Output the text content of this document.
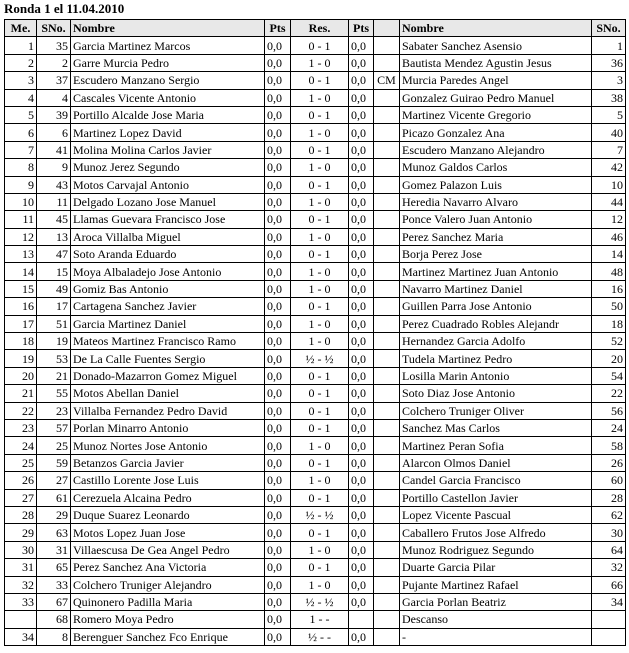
Ronda 1 el 11.04.2010
Me.	SNo.	Nombre	Pts	Res.	Pts		Nombre	SNo.
1	35	Garcia Martinez Marcos	0,0	0 - 1	0,0		Sabater Sanchez Asensio	1
2	2	Garre Murcia Pedro	0,0	1 - 0	0,0		Bautista Mendez Agustin Jesus	36
3	37	Escudero Manzano Sergio	0,0	0 - 1	0,0	CM	Murcia Paredes Angel	3
4	4	Cascales Vicente Antonio	0,0	1 - 0	0,0		Gonzalez Guirao Pedro Manuel	38
5	39	Portillo Alcalde Jose Maria	0,0	0 - 1	0,0		Martinez Vicente Gregorio	5
6	6	Martinez Lopez David	0,0	1 - 0	0,0		Picazo Gonzalez Ana	40
7	41	Molina Molina Carlos Javier	0,0	0 - 1	0,0		Escudero Manzano Alejandro	7
8	9	Munoz Jerez Segundo	0,0	1 - 0	0,0		Munoz Galdos Carlos	42
9	43	Motos Carvajal Antonio	0,0	0 - 1	0,0		Gomez Palazon Luis	10
10	11	Delgado Lozano Jose Manuel	0,0	1 - 0	0,0		Heredia Navarro Alvaro	44
11	45	Llamas Guevara Francisco Jose	0,0	0 - 1	0,0		Ponce Valero Juan Antonio	12
12	13	Aroca Villalba Miguel	0,0	1 - 0	0,0		Perez Sanchez Maria	46
13	47	Soto Aranda Eduardo	0,0	0 - 1	0,0		Borja Perez Jose	14
14	15	Moya Albaladejo Jose Antonio	0,0	1 - 0	0,0		Martinez Martinez Juan Antonio	48
15	49	Gomiz Bas Antonio	0,0	1 - 0	0,0		Navarro Martinez Daniel	16
16	17	Cartagena Sanchez Javier	0,0	0 - 1	0,0		Guillen Parra Jose Antonio	50
17	51	Garcia Martinez Daniel	0,0	1 - 0	0,0		Perez Cuadrado Robles Alejandr	18
18	19	Mateos Martinez Francisco Ramo	0,0	1 - 0	0,0		Hernandez Garcia Adolfo	52
19	53	De La Calle Fuentes Sergio	0,0	½ - ½	0,0		Tudela Martinez Pedro	20
20	21	Donado-Mazarron Gomez Miguel	0,0	0 - 1	0,0		Losilla Marin Antonio	54
21	55	Motos Abellan Daniel	0,0	0 - 1	0,0		Soto Diaz Jose Antonio	22
22	23	Villalba Fernandez Pedro David	0,0	0 - 1	0,0		Colchero Truniger Oliver	56
23	57	Porlan Minarro Antonio	0,0	0 - 1	0,0		Sanchez Mas Carlos	24
24	25	Munoz Nortes Jose Antonio	0,0	1 - 0	0,0		Martinez Peran Sofia	58
25	59	Betanzos Garcia Javier	0,0	0 - 1	0,0		Alarcon Olmos Daniel	26
26	27	Castillo Lorente Jose Luis	0,0	1 - 0	0,0		Candel Garcia Francisco	60
27	61	Cerezuela Alcaina Pedro	0,0	0 - 1	0,0		Portillo Castellon Javier	28
28	29	Duque Suarez Leonardo	0,0	½ - ½	0,0		Lopez Vicente Pascual	62
29	63	Motos Lopez Juan Jose	0,0	0 - 1	0,0		Caballero Frutos Jose Alfredo	30
30	31	Villaescusa De Gea Angel Pedro	0,0	1 - 0	0,0		Munoz Rodriguez Segundo	64
31	65	Perez Sanchez Ana Victoria	0,0	0 - 1	0,0		Duarte Garcia Pilar	32
32	33	Colchero Truniger Alejandro	0,0	1 - 0	0,0		Pujante Martinez Rafael	66
33	67	Quinonero Padilla Maria	0,0	½ - ½	0,0		Garcia Porlan Beatriz	34
	68	Romero Moya Pedro	0,0	1 - -			Descanso	
34	8	Berenguer Sanchez Fco Enrique	0,0	½ - -	0,0		-	
